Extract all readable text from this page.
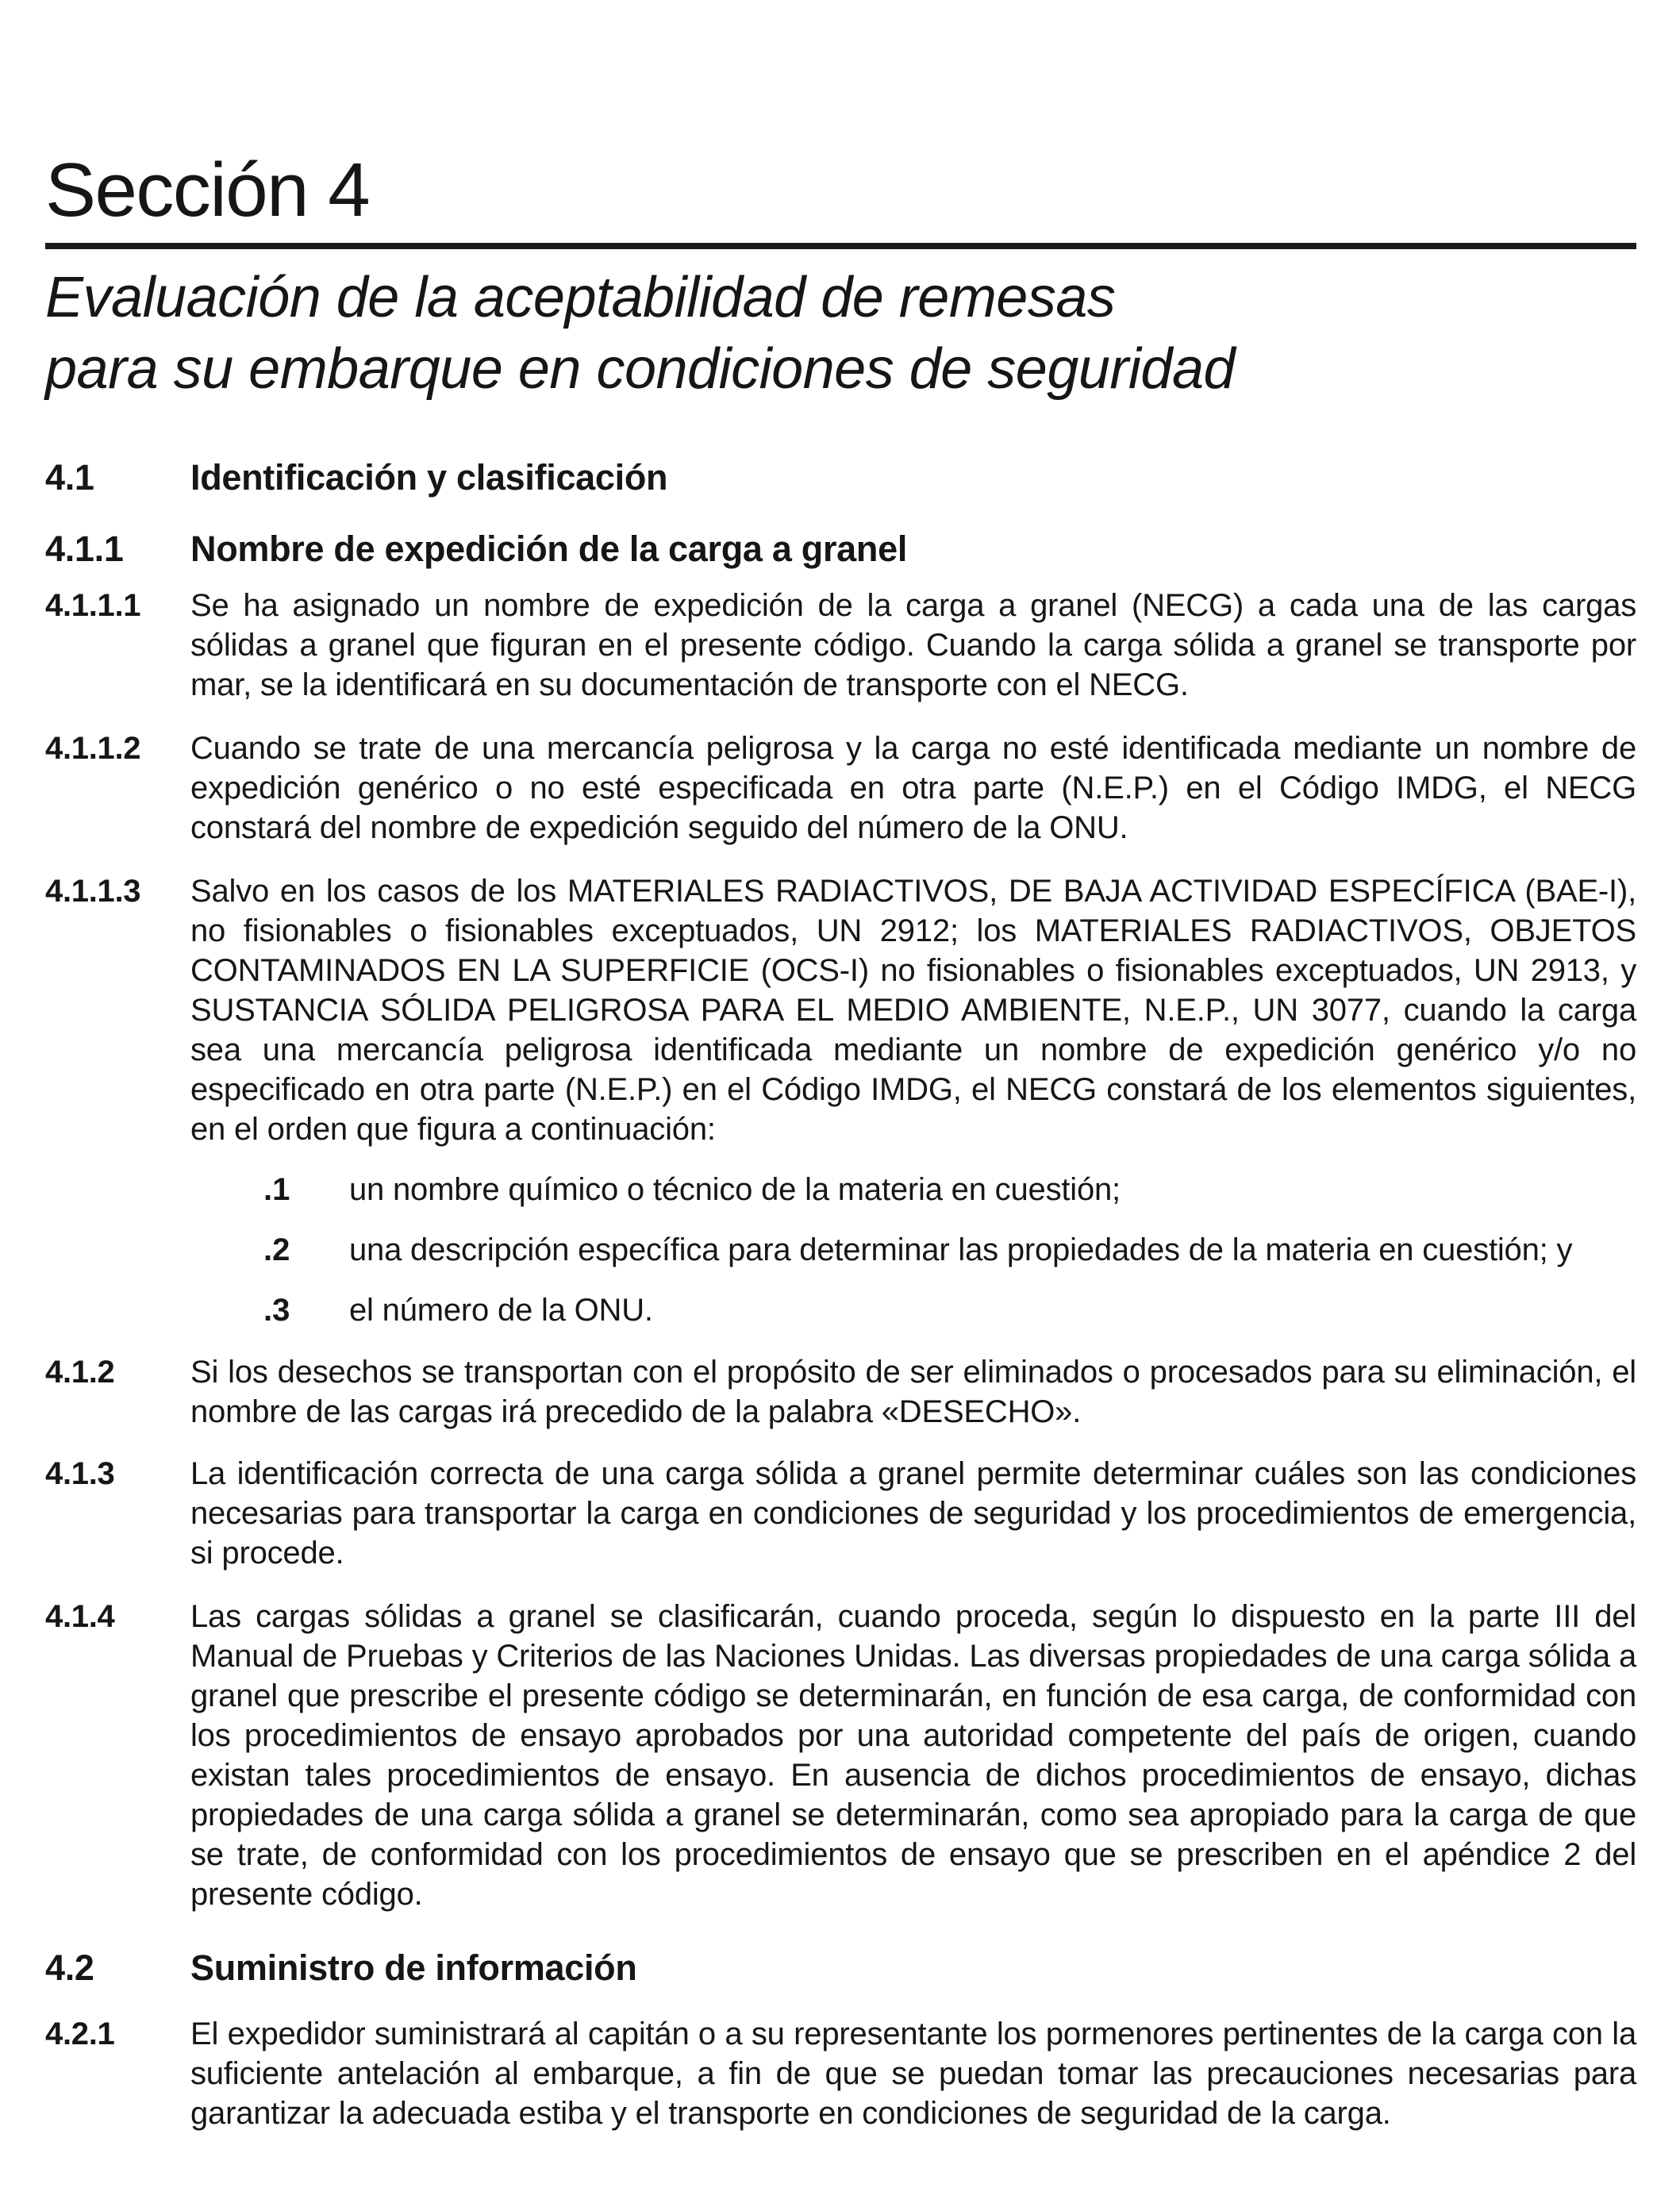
Sección 4
Evaluación de la aceptabilidad de remesas
para su embarque en condiciones de seguridad
4.1	Identificación y clasificación
4.1.1	Nombre de expedición de la carga a granel
4.1.1.1	Se ha asignado un nombre de expedición de la carga a granel (NECG) a cada una de las cargas sólidas a granel que figuran en el presente código. Cuando la carga sólida a granel se transporte por mar, se la identificará en su documentación de transporte con el NECG.
4.1.1.2	Cuando se trate de una mercancía peligrosa y la carga no esté identificada mediante un nombre de expedición genérico o no esté especificada en otra parte (N.E.P.) en el Código IMDG, el NECG constará del nombre de expedición seguido del número de la ONU.
4.1.1.3	Salvo en los casos de los MATERIALES RADIACTIVOS, DE BAJA ACTIVIDAD ESPECÍFICA (BAE-I), no fisionables o fisionables exceptuados, UN 2912; los MATERIALES RADIACTIVOS, OBJETOS CONTAMINADOS EN LA SUPERFICIE (OCS-I) no fisionables o fisionables exceptuados, UN 2913, y SUSTANCIA SÓLIDA PELIGROSA PARA EL MEDIO AMBIENTE, N.E.P., UN 3077, cuando la carga sea una mercancía peligrosa identificada mediante un nombre de expedición genérico y/o no especificado en otra parte (N.E.P.) en el Código IMDG, el NECG constará de los elementos siguientes, en el orden que figura a continuación:
.1	un nombre químico o técnico de la materia en cuestión;
.2	una descripción específica para determinar las propiedades de la materia en cuestión; y
.3	el número de la ONU.
4.1.2	Si los desechos se transportan con el propósito de ser eliminados o procesados para su eliminación, el nombre de las cargas irá precedido de la palabra «DESECHO».
4.1.3	La identificación correcta de una carga sólida a granel permite determinar cuáles son las condiciones necesarias para transportar la carga en condiciones de seguridad y los procedimientos de emergencia, si procede.
4.1.4	Las cargas sólidas a granel se clasificarán, cuando proceda, según lo dispuesto en la parte III del Manual de Pruebas y Criterios de las Naciones Unidas. Las diversas propiedades de una carga sólida a granel que prescribe el presente código se determinarán, en función de esa carga, de conformidad con los procedimientos de ensayo aprobados por una autoridad competente del país de origen, cuando existan tales procedimientos de ensayo. En ausencia de dichos procedimientos de ensayo, dichas propiedades de una carga sólida a granel se determinarán, como sea apropiado para la carga de que se trate, de conformidad con los procedimientos de ensayo que se prescriben en el apéndice 2 del presente código.
4.2	Suministro de información
4.2.1	El expedidor suministrará al capitán o a su representante los pormenores pertinentes de la carga con la suficiente antelación al embarque, a fin de que se puedan tomar las precauciones necesarias para garantizar la adecuada estiba y el transporte en condiciones de seguridad de la carga.
